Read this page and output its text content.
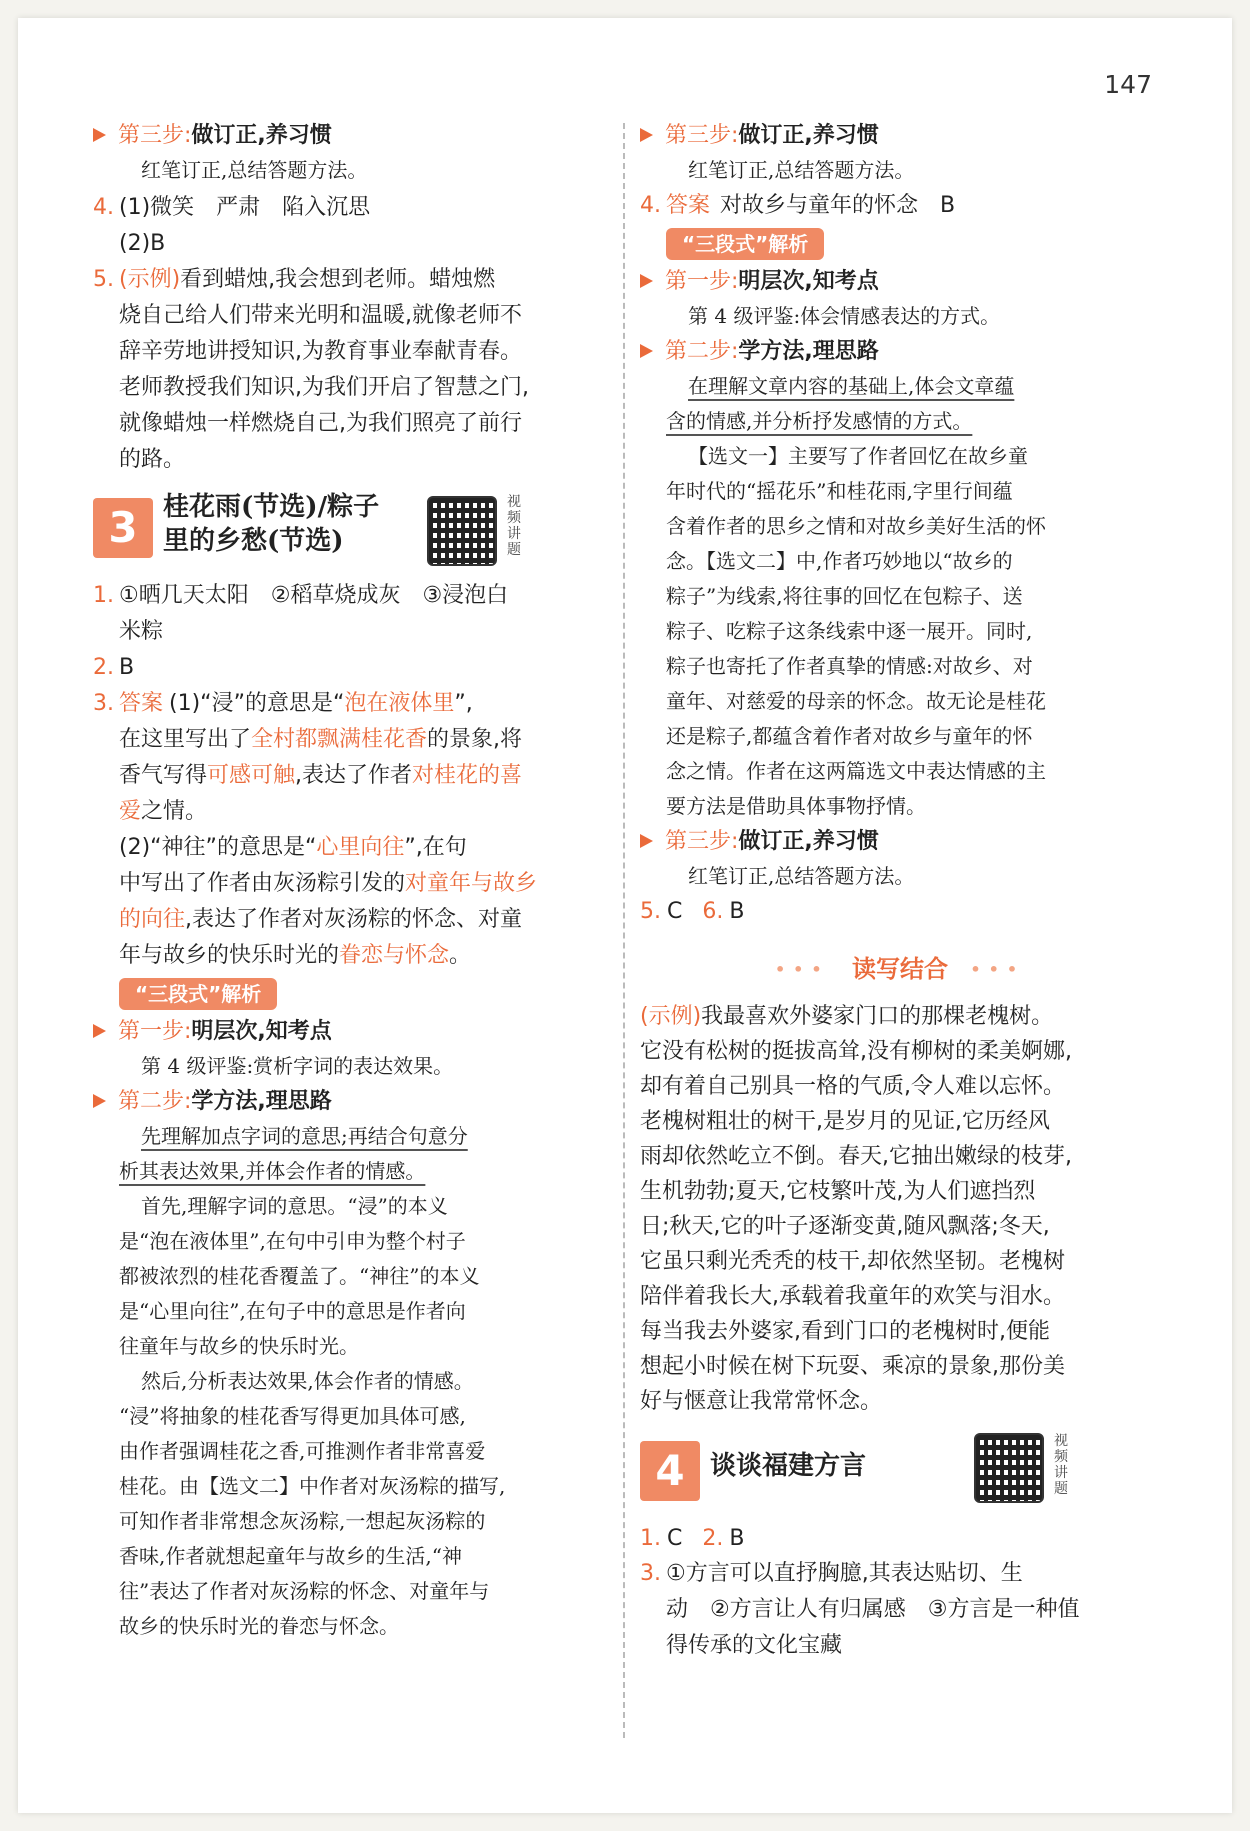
147
第三步:做订正,养习惯
红笔订正,总结答题方法。
4. (1)微笑　严肃　陷入沉思
(2)B
5. (示例)看到蜡烛,我会想到老师。蜡烛燃
烧自己给人们带来光明和温暖,就像老师不
辞辛劳地讲授知识,为教育事业奉献青春。
老师教授我们知识,为我们开启了智慧之门,
就像蜡烛一样燃烧自己,为我们照亮了前行
的路。
3 桂花雨(节选)/粽子
里的乡愁(节选)
视频讲题
1. ①晒几天太阳　②稻草烧成灰　③浸泡白
米粽
2. B
3. 答案 (1)“浸”的意思是“泡在液体里”,
在这里写出了全村都飘满桂花香的景象,将
香气写得可感可触,表达了作者对桂花的喜
爱之情。
(2)“神往”的意思是“心里向往”,在句
中写出了作者由灰汤粽引发的对童年与故乡
的向往,表达了作者对灰汤粽的怀念、对童
年与故乡的快乐时光的眷恋与怀念。
“三段式”解析
第一步:明层次,知考点
第 4 级评鉴:赏析字词的表达效果。
第二步:学方法,理思路
先理解加点字词的意思;再结合句意分
析其表达效果,并体会作者的情感。
首先,理解字词的意思。“浸”的本义
是“泡在液体里”,在句中引申为整个村子
都被浓烈的桂花香覆盖了。“神往”的本义
是“心里向往”,在句子中的意思是作者向
往童年与故乡的快乐时光。
然后,分析表达效果,体会作者的情感。
“浸”将抽象的桂花香写得更加具体可感,
由作者强调桂花之香,可推测作者非常喜爱
桂花。由【选文二】中作者对灰汤粽的描写,
可知作者非常想念灰汤粽,一想起灰汤粽的
香味,作者就想起童年与故乡的生活,“神
往”表达了作者对灰汤粽的怀念、对童年与
故乡的快乐时光的眷恋与怀念。
第三步:做订正,养习惯
红笔订正,总结答题方法。
4. 答案 对故乡与童年的怀念　B
“三段式”解析
第一步:明层次,知考点
第 4 级评鉴:体会情感表达的方式。
第二步:学方法,理思路
在理解文章内容的基础上,体会文章蕴
含的情感,并分析抒发感情的方式。
【选文一】主要写了作者回忆在故乡童
年时代的“摇花乐”和桂花雨,字里行间蕴
含着作者的思乡之情和对故乡美好生活的怀
念。【选文二】中,作者巧妙地以“故乡的
粽子”为线索,将往事的回忆在包粽子、送
粽子、吃粽子这条线索中逐一展开。同时,
粽子也寄托了作者真挚的情感:对故乡、对
童年、对慈爱的母亲的怀念。故无论是桂花
还是粽子,都蕴含着作者对故乡与童年的怀
念之情。作者在这两篇选文中表达情感的主
要方法是借助具体事物抒情。
第三步:做订正,养习惯
红笔订正,总结答题方法。
5. C 6. B
••• 读写结合 •••
(示例)我最喜欢外婆家门口的那棵老槐树。
它没有松树的挺拔高耸,没有柳树的柔美婀娜,
却有着自己别具一格的气质,令人难以忘怀。
老槐树粗壮的树干,是岁月的见证,它历经风
雨却依然屹立不倒。春天,它抽出嫩绿的枝芽,
生机勃勃;夏天,它枝繁叶茂,为人们遮挡烈
日;秋天,它的叶子逐渐变黄,随风飘落;冬天,
它虽只剩光秃秃的枝干,却依然坚韧。老槐树
陪伴着我长大,承载着我童年的欢笑与泪水。
每当我去外婆家,看到门口的老槐树时,便能
想起小时候在树下玩耍、乘凉的景象,那份美
好与惬意让我常常怀念。
4 谈谈福建方言
视频讲题
1. C 2. B
3. ①方言可以直抒胸臆,其表达贴切、生
动　②方言让人有归属感　③方言是一种值
得传承的文化宝藏
